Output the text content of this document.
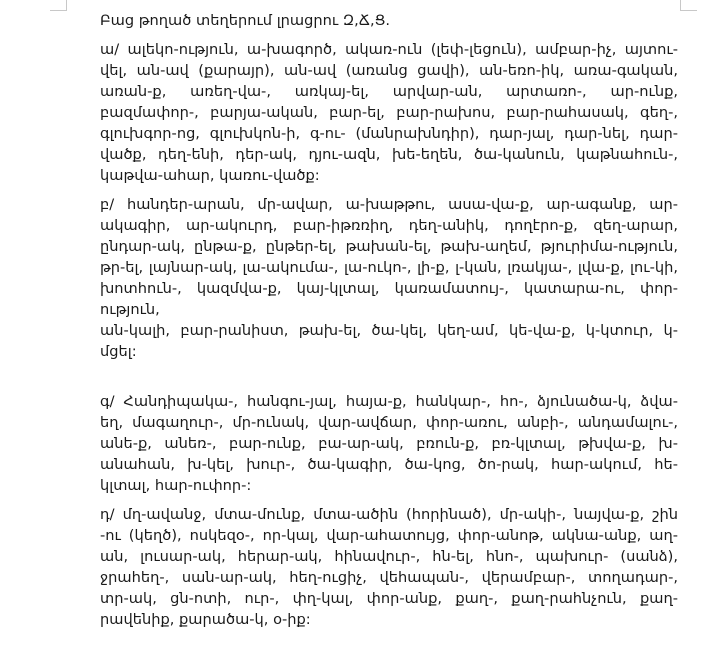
Բաց թողած տեղերում լրացրու Զ,Ճ,Ց.
ա/ ալեկո-ություն, ա-խագործ, ակառ-ուն (լեփ-լեցուն), ամբար-իչ, այտու-
վել, ան-ավ (քարայր), ան-ավ (առանց ցավի), ան-եռո-իկ, առա-գական,
առան-ք, առեղ-վա-, առկայ-ել, արվար-ան, արտառո-, ար-ունք,
բազմափոր-, բարյա-ական, բար-ել, բար-րախոս, բար-րահասակ, գեղ-,
գլուխգոր-ոց, գլուխկոն-ի, գ-ու- (մանրախնդիր), դար-յալ, դար-նել, դար-
վածք, դեղ-ենի, դեր-ակ, դյու-ազն, խե-եղեն, ծա-կանուն, կաթնահուն-,
կաթվա-ահար, կառու-վածք:
բ/ հանդեր-արան, մր-ավար, ա-խաթթու, ասա-վա-ք, ար-ագանք, ար-
ակագիր, ար-ակուրդ, բար-իթռռիղ, դեղ-անիկ, դողէրո-ք, զեղ-արար,
ընդար-ակ, ընթա-ք, ընթեր-ել, թախան-ել, թախ-աղեմ, թյուրիմա-ություն,
թր-ել, լայնար-ակ, լա-ակումա-, լա-ուկո-, լի-ք, լ-կան, լռակյա-, լվա-ք, լու-կի,
խոտհուն-, կազմվա-ք, կայ-կլտալ, կառամատույ-, կատարա-ու, փոր-
ություն,
ան-կալի, բար-րանիստ, թախ-ել, ծա-կել, կեղ-ամ, կե-վա-ք, կ-կտուր, կ-
մցել:
գ/ Հանդիպակա-, հանգու-յալ, հայա-ք, հանկար-, հո-, ձյունածա-կ, ձվա-
եղ, մագաղուր-, մր-ունակ, վար-ավճար, փոր-առու, անբի-, անդամալու-,
անե-ք, անեռ-, բար-ունք, բա-ար-ակ, բռուն-ք, բռ-կլտալ, թխվա-ք, խ-
անահան, խ-կել, խուր-, ծա-կագիր, ծա-կոց, ծո-րակ, հար-ակում, հե-
կլտալ, հար-ուփոր-:
դ/ մղ-ավանջ, մտա-մունք, մտա-ածին (հորինած), մր-ակի-, նայվա-ք, շին
-ու (կեղծ), ոսկեզօ-, որ-կալ, վար-ահատույց, փոր-անոթ, ակնա-անք, աղ-
ան, լուսար-ակ, հերար-ակ, հինավուր-, հն-ել, հնո-, պախուր- (սանձ),
ջրահեղ-, սան-ար-ակ, հեղ-ուցիչ, վեհապան-, վերամբար-, տողադար-,
տր-ակ, ցն-ոտի, ուր-, փղ-կալ, փոր-անք, քաղ-, քաղ-րահնչուն, քաղ-
րավենիք, քարածա-կ, օ-իք:
